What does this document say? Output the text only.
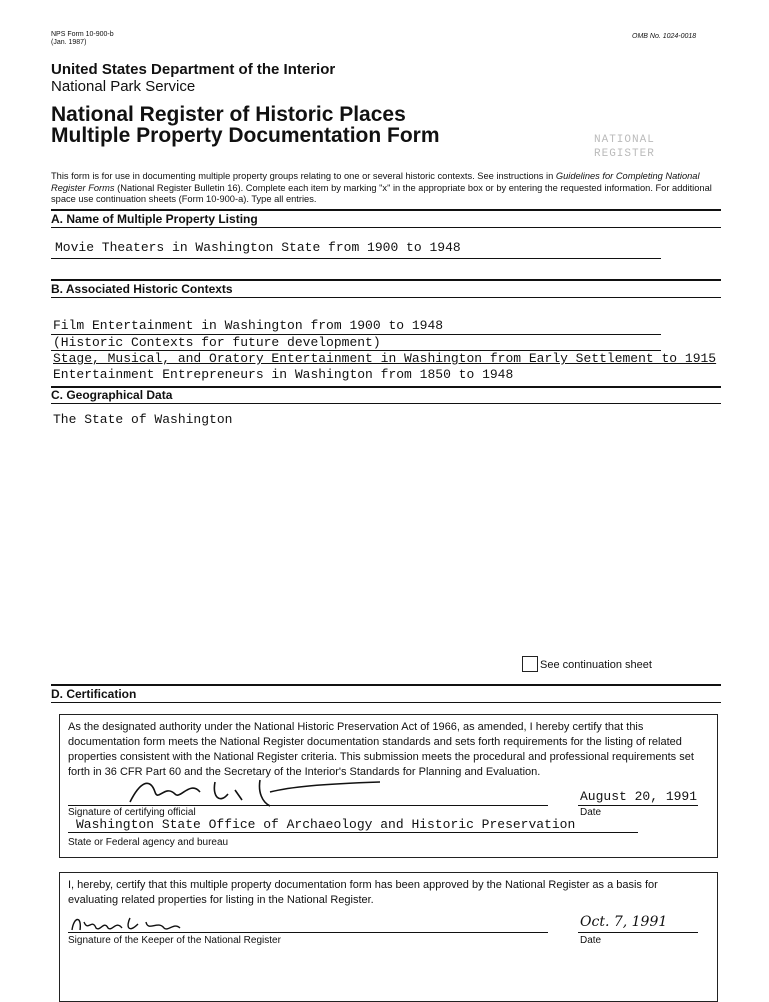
NPS Form 10-900-b
(Jan. 1987)
OMB No. 1024-0018
United States Department of the Interior
National Park Service
National Register of Historic Places
Multiple Property Documentation Form	NATIONAL
REGISTER
This form is for use in documenting multiple property groups relating to one or several historic contexts. See instructions in Guidelines for Completing National Register Forms (National Register Bulletin 16). Complete each item by marking "x" in the appropriate box or by entering the requested information. For additional space use continuation sheets (Form 10-900-a). Type all entries.
A. Name of Multiple Property Listing
Movie Theaters in Washington State from 1900 to 1948
B. Associated Historic Contexts
Film Entertainment in Washington from 1900 to 1948
(Historic Contexts for future development)
Stage, Musical, and Oratory Entertainment in Washington from Early Settlement to 1915
Entertainment Entrepreneurs in Washington from 1850 to 1948
C. Geographical Data
The State of Washington
See continuation sheet
D. Certification
As the designated authority under the National Historic Preservation Act of 1966, as amended, I hereby certify that this documentation form meets the National Register documentation standards and sets forth requirements for the listing of related properties consistent with the National Register criteria. This submission meets the procedural and professional requirements set forth in 36 CFR Part 60 and the Secretary of the Interior's Standards for Planning and Evaluation.
Signature of certifying official
August 20, 1991
Date
Washington State Office of Archaeology and Historic Preservation
State or Federal agency and bureau
I, hereby, certify that this multiple property documentation form has been approved by the National Register as a basis for evaluating related properties for listing in the National Register.
Signature of the Keeper of the National Register
Oct. 7, 1991
Date
